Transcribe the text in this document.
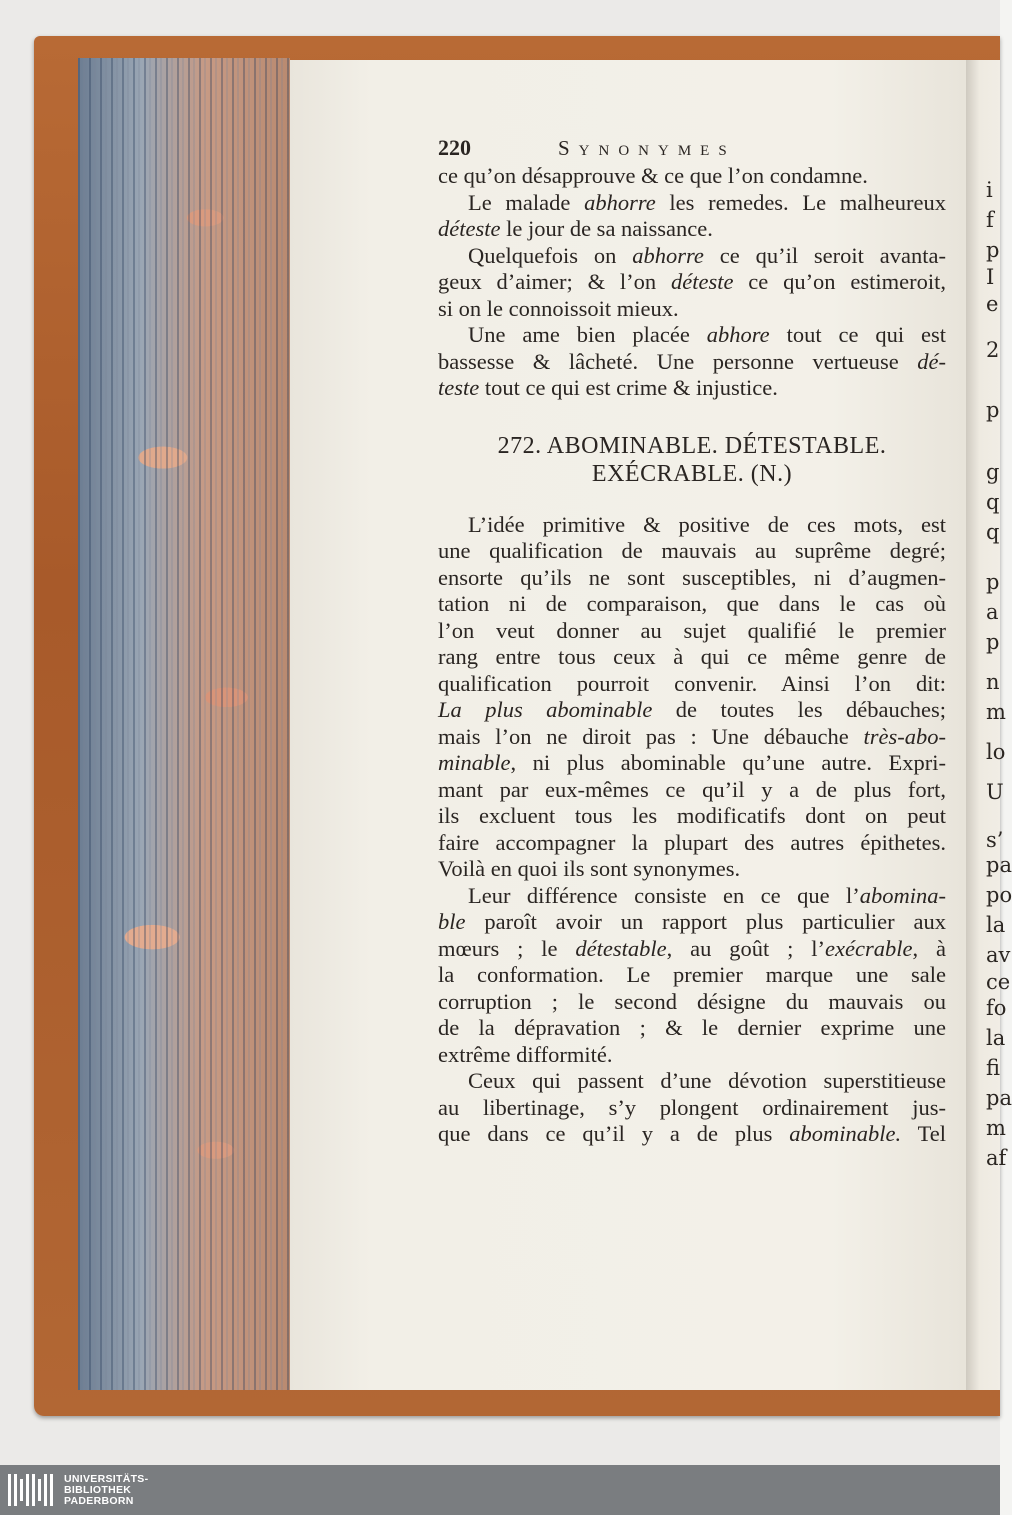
i
f
p
I
e
2
p
g
q
q
p
a
p
n
m
lo
U
s’
pa
po
la
av
ce
fo
la
fi
pa
m
af
220	Synonymes
ce qu’on désapprouve & ce que l’on condamne.
Le malade abhorre les remedes. Le malheureux
déteste le jour de sa naissance.
Quelquefois on abhorre ce qu’il seroit avanta-
geux d’aimer; & l’on déteste ce qu’on estimeroit,
si on le connoissoit mieux.
Une ame bien placée abhore tout ce qui est
bassesse & lâcheté. Une personne vertueuse dé-
teste tout ce qui est crime & injustice.
272. ABOMINABLE. DÉTESTABLE.
EXÉCRABLE. (N.)
L’idée primitive & positive de ces mots, est
une qualification de mauvais au suprême degré;
ensorte qu’ils ne sont susceptibles, ni d’augmen-
tation ni de comparaison, que dans le cas où
l’on veut donner au sujet qualifié le premier
rang entre tous ceux à qui ce même genre de
qualification pourroit convenir. Ainsi l’on dit:
La plus abominable de toutes les débauches;
mais l’on ne diroit pas : Une débauche très-abo-
minable, ni plus abominable qu’une autre. Expri-
mant par eux-mêmes ce qu’il y a de plus fort,
ils excluent tous les modificatifs dont on peut
faire accompagner la plupart des autres épithetes.
Voilà en quoi ils sont synonymes.
Leur différence consiste en ce que l’abomina-
ble paroît avoir un rapport plus particulier aux
mœurs ; le détestable, au goût ; l’exécrable, à
la conformation. Le premier marque une sale
corruption ; le second désigne du mauvais ou
de la dépravation ; & le dernier exprime une
extrême difformité.
Ceux qui passent d’une dévotion superstitieuse
au libertinage, s’y plongent ordinairement jus-
que dans ce qu’il y a de plus abominable. Tel
UNIVERSITÄTS-
BIBLIOTHEK
PADERBORN
